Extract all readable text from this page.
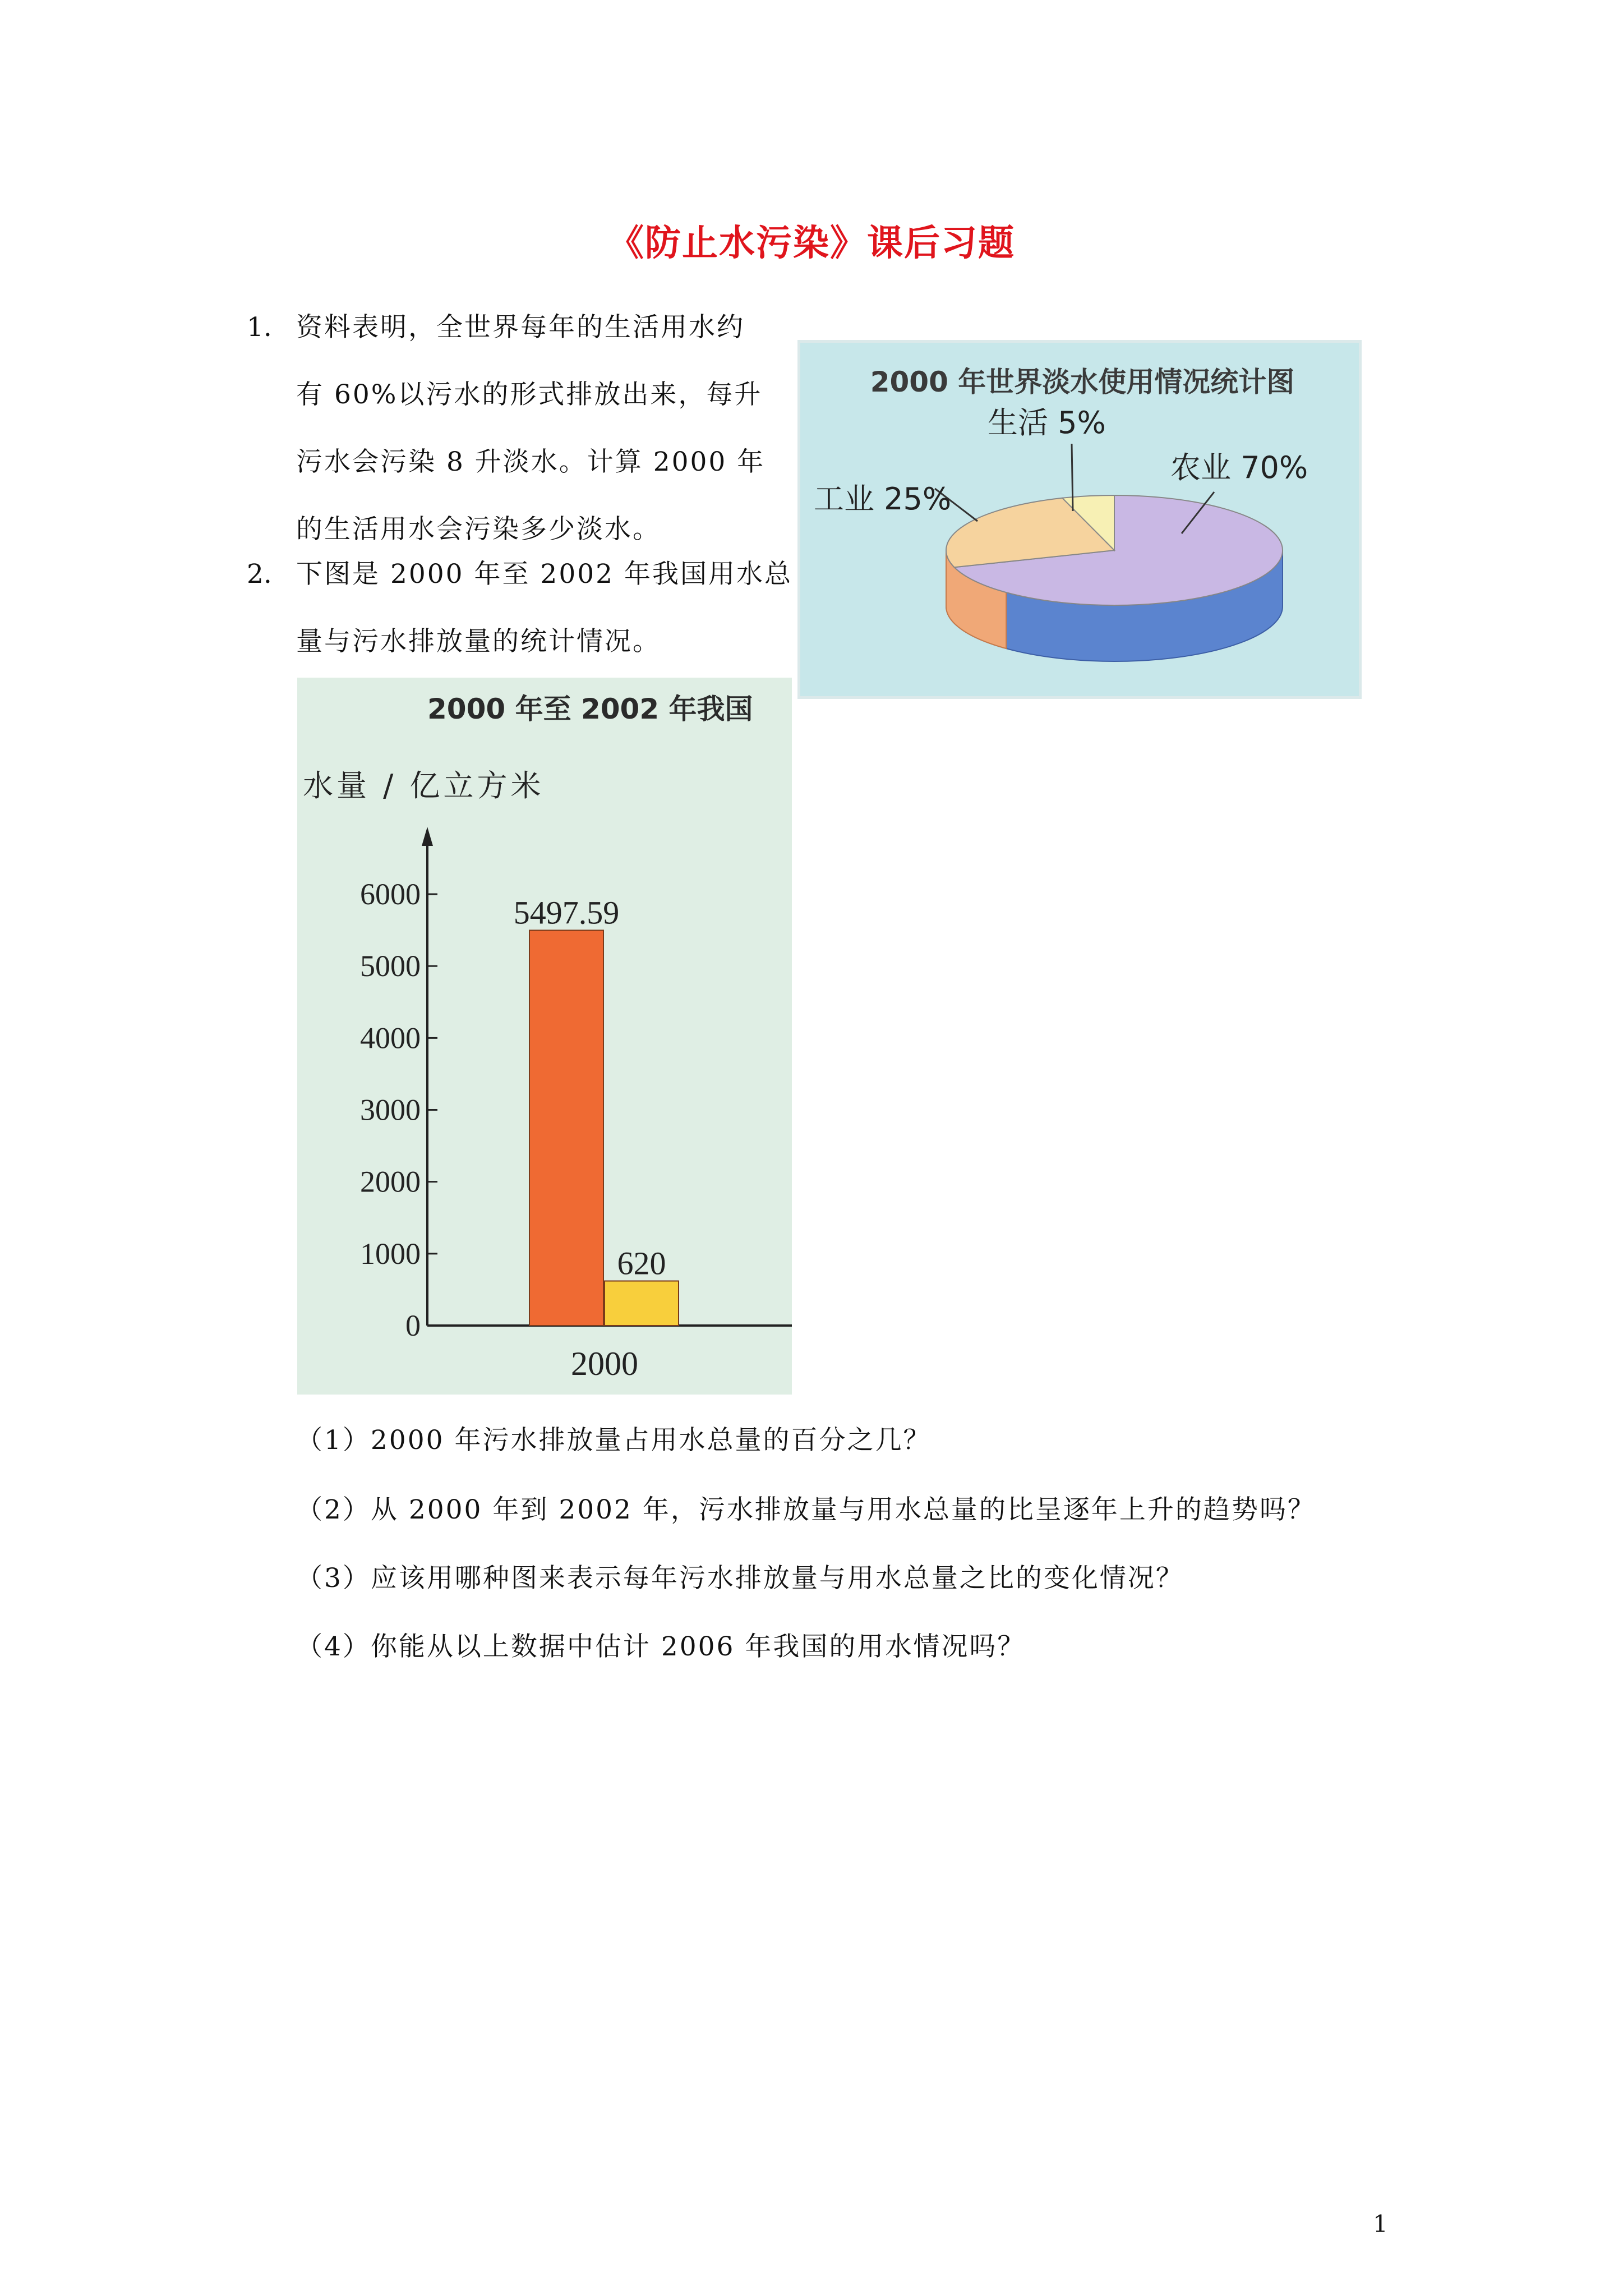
《防止水污染》课后习题
1. 资料表明，全世界每年的生活用水约
有 60%以污水的形式排放出来，每升
污水会污染 8 升淡水。计算 2000 年
的生活用水会污染多少淡水。
2. 下图是 2000 年至 2002 年我国用水总
量与污水排放量的统计情况。
2000 年世界淡水使用情况统计图
生活 5%
工业 25%
农业 70%
2000 年至 2002 年我国
水量 / 亿立方米
0
1000
2000
3000
4000
5000
6000
5497.59
620
2000
（1）2000 年污水排放量占用水总量的百分之几？
（2）从 2000 年到 2002 年，污水排放量与用水总量的比呈逐年上升的趋势吗？
（3）应该用哪种图来表示每年污水排放量与用水总量之比的变化情况？
（4）你能从以上数据中估计 2006 年我国的用水情况吗？
1
